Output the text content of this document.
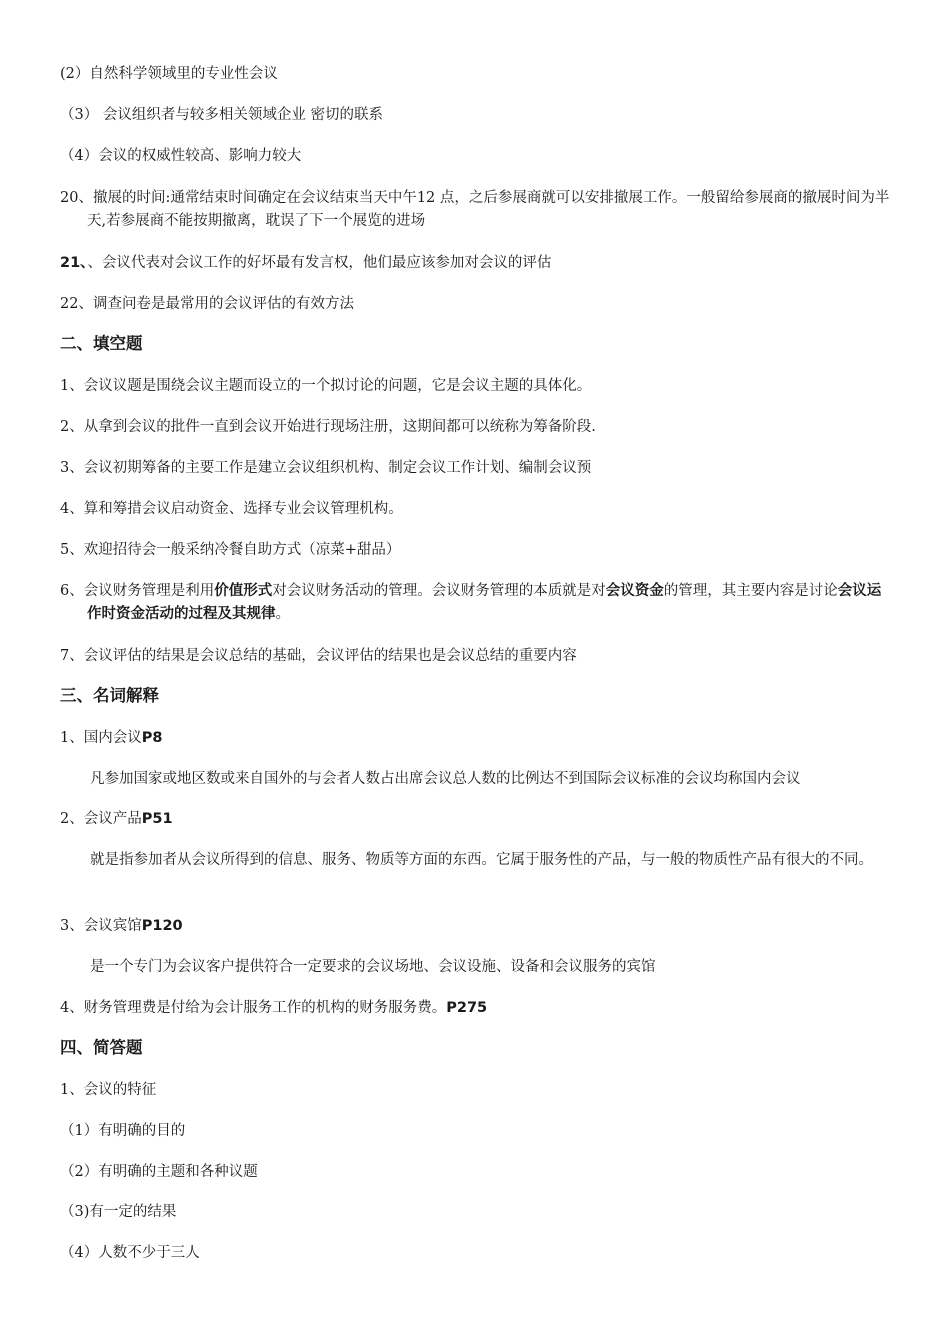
(2）自然科学领域里的专业性会议
（3） 会议组织者与较多相关领域企业 密切的联系
（4）会议的权威性较高、影响力较大
20、撤展的时间:通常结束时间确定在会议结束当天中午12 点，之后参展商就可以安排撤展工作。一般留给参展商的撤展时间为半天,若参展商不能按期撤离，耽误了下一个展览的进场
21、、会议代表对会议工作的好坏最有发言权，他们最应该参加对会议的评估
22、调查问卷是最常用的会议评估的有效方法
二、填空题
1、会议议题是围绕会议主题而设立的一个拟讨论的问题，它是会议主题的具体化。
2、从拿到会议的批件一直到会议开始进行现场注册，这期间都可以统称为筹备阶段.
3、会议初期筹备的主要工作是建立会议组织机构、制定会议工作计划、编制会议预
4、算和筹措会议启动资金、选择专业会议管理机构。
5、欢迎招待会一般采纳冷餐自助方式（凉菜+甜品）
6、会议财务管理是利用价值形式对会议财务活动的管理。会议财务管理的本质就是对会议资金的管理，其主要内容是讨论会议运作时资金活动的过程及其规律。
7、会议评估的结果是会议总结的基础，会议评估的结果也是会议总结的重要内容
三、名词解释
1、国内会议P8
凡参加国家或地区数或来自国外的与会者人数占出席会议总人数的比例达不到国际会议标准的会议均称国内会议
2、会议产品P51
就是指参加者从会议所得到的信息、服务、物质等方面的东西。它属于服务性的产品，与一般的物质性产品有很大的不同。
3、会议宾馆P120
是一个专门为会议客户提供符合一定要求的会议场地、会议设施、设备和会议服务的宾馆
4、财务管理费是付给为会计服务工作的机构的财务服务费。P275
四、简答题
1、会议的特征
（1）有明确的目的
（2）有明确的主题和各种议题
（3)有一定的结果
（4）人数不少于三人
